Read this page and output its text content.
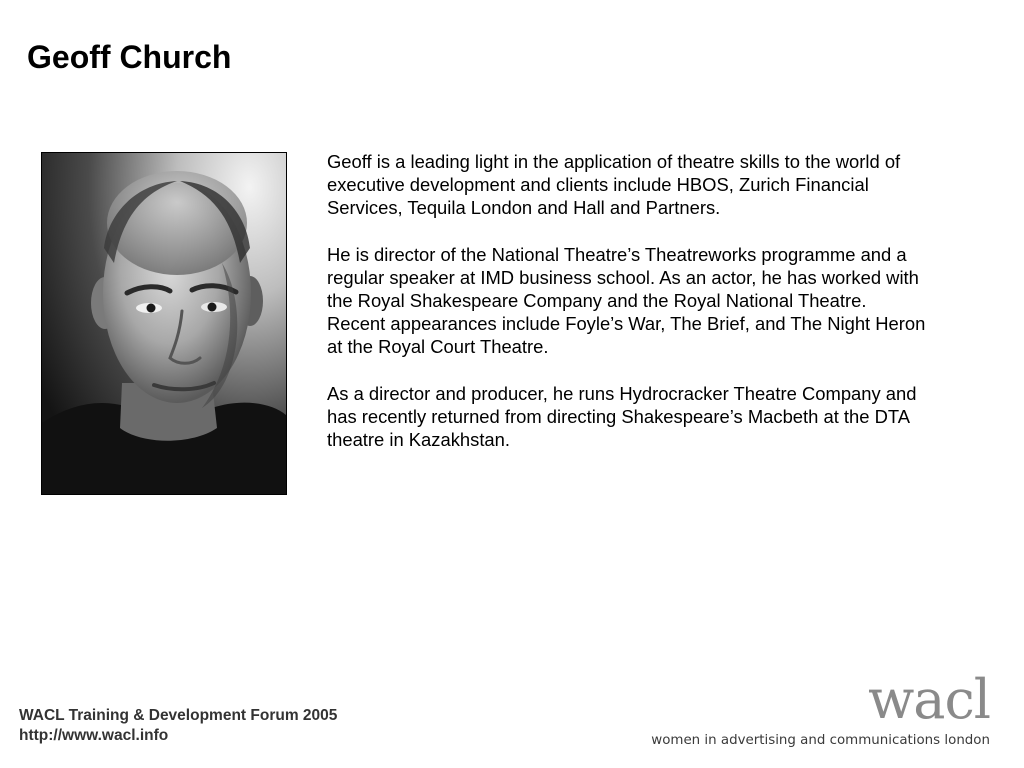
Geoff Church

Geoff is a leading light in the application of theatre skills to the world of executive development and clients include HBOS, Zurich Financial Services, Tequila London and Hall and Partners.

He is director of the National Theatre’s Theatreworks programme and a regular speaker at IMD business school. As an actor, he has worked with the Royal Shakespeare Company and the Royal National Theatre. Recent appearances include Foyle’s War, The Brief, and The Night Heron at the Royal Court Theatre.

As a director and producer, he runs Hydrocracker Theatre Company and has recently returned from directing Shakespeare’s Macbeth at the DTA theatre in Kazakhstan.

WACL Training & Development Forum 2005
http://www.wacl.info
wacl
women in advertising and communications london
